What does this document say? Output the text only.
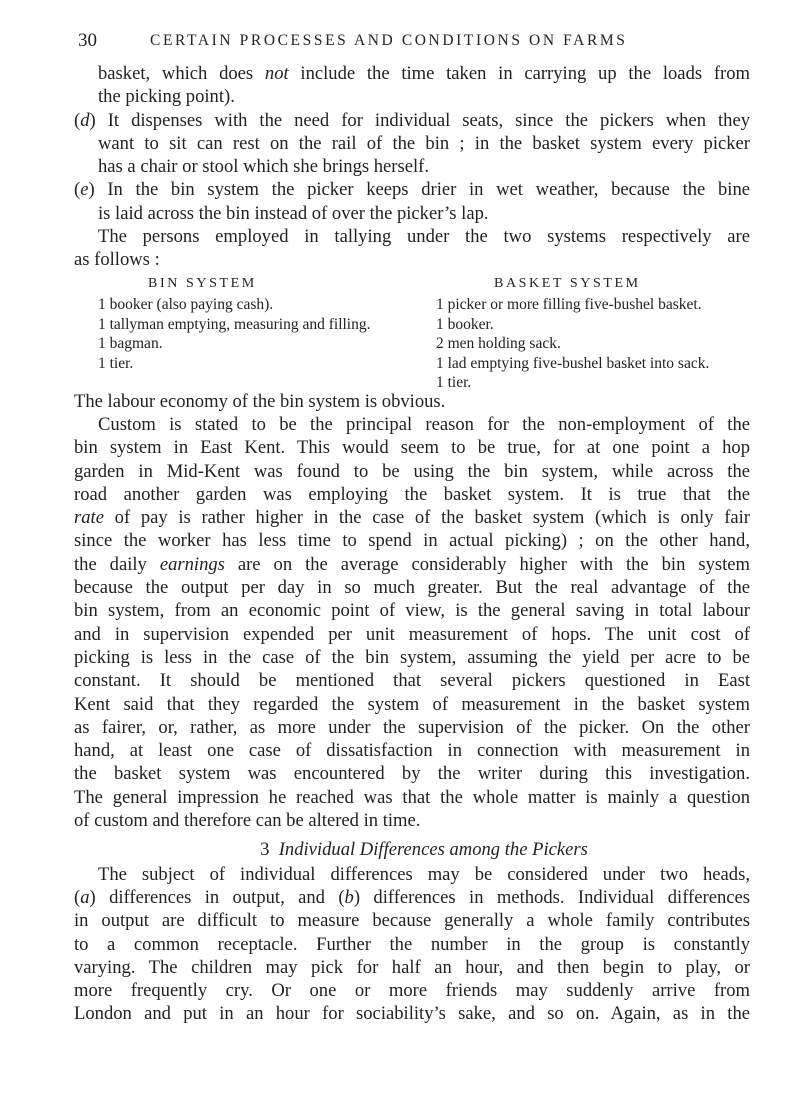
30	CERTAIN PROCESSES AND CONDITIONS ON FARMS
basket, which does not include the time taken in carrying up the loads from
the picking point).
(d) It dispenses with the need for individual seats, since the pickers when they
want to sit can rest on the rail of the bin ; in the basket system every picker
has a chair or stool which she brings herself.
(e) In the bin system the picker keeps drier in wet weather, because the bine
is laid across the bin instead of over the picker’s lap.
The persons employed in tallying under the two systems respectively are
as follows :
BIN SYSTEM
1 booker (also paying cash).
1 tallyman emptying, measuring and filling.
1 bagman.
1 tier.
BASKET SYSTEM
1 picker or more filling five-bushel basket.
1 booker.
2 men holding sack.
1 lad emptying five-bushel basket into sack.
1 tier.
The labour economy of the bin system is obvious.
Custom is stated to be the principal reason for the non-employment of the
bin system in East Kent. This would seem to be true, for at one point a hop
garden in Mid-Kent was found to be using the bin system, while across the
road another garden was employing the basket system. It is true that the
rate of pay is rather higher in the case of the basket system (which is only fair
since the worker has less time to spend in actual picking) ; on the other hand,
the daily earnings are on the average considerably higher with the bin system
because the output per day in so much greater. But the real advantage of the
bin system, from an economic point of view, is the general saving in total labour
and in supervision expended per unit measurement of hops. The unit cost of
picking is less in the case of the bin system, assuming the yield per acre to be
constant. It should be mentioned that several pickers questioned in East
Kent said that they regarded the system of measurement in the basket system
as fairer, or, rather, as more under the supervision of the picker. On the other
hand, at least one case of dissatisfaction in connection with measurement in
the basket system was encountered by the writer during this investigation.
The general impression he reached was that the whole matter is mainly a question
of custom and therefore can be altered in time.
3 Individual Differences among the Pickers
The subject of individual differences may be considered under two heads,
(a) differences in output, and (b) differences in methods. Individual differences
in output are difficult to measure because generally a whole family contributes
to a common receptacle. Further the number in the group is constantly
varying. The children may pick for half an hour, and then begin to play, or
more frequently cry. Or one or more friends may suddenly arrive from
London and put in an hour for sociability’s sake, and so on. Again, as in the
